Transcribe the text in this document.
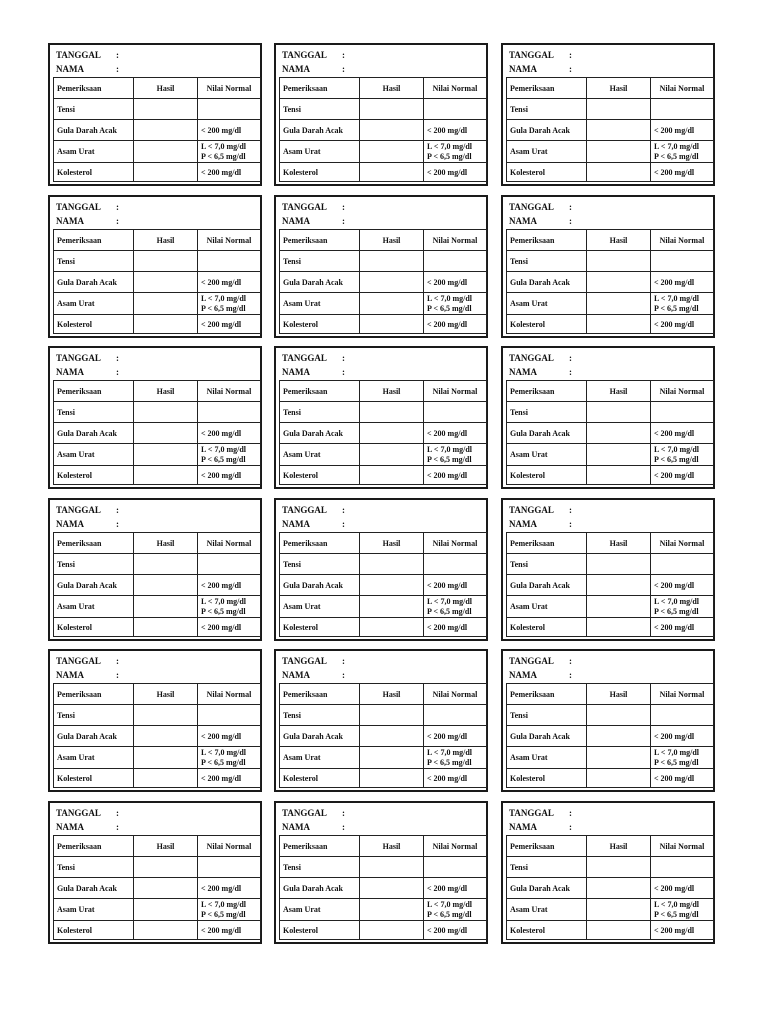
TANGGAL	:
NAMA	:
Pemeriksaan	Hasil	Nilai Normal
Tensi		
Gula Darah Acak		< 200 mg/dl
Asam Urat		L < 7,0 mg/dl
P < 6,5 mg/dl

Kolesterol		< 200 mg/dl
TANGGAL	:
NAMA	:
Pemeriksaan	Hasil	Nilai Normal
Tensi		
Gula Darah Acak		< 200 mg/dl
Asam Urat		L < 7,0 mg/dl
P < 6,5 mg/dl

Kolesterol		< 200 mg/dl
TANGGAL	:
NAMA	:
Pemeriksaan	Hasil	Nilai Normal
Tensi		
Gula Darah Acak		< 200 mg/dl
Asam Urat		L < 7,0 mg/dl
P < 6,5 mg/dl

Kolesterol		< 200 mg/dl
TANGGAL	:
NAMA	:
Pemeriksaan	Hasil	Nilai Normal
Tensi		
Gula Darah Acak		< 200 mg/dl
Asam Urat		L < 7,0 mg/dl
P < 6,5 mg/dl

Kolesterol		< 200 mg/dl
TANGGAL	:
NAMA	:
Pemeriksaan	Hasil	Nilai Normal
Tensi		
Gula Darah Acak		< 200 mg/dl
Asam Urat		L < 7,0 mg/dl
P < 6,5 mg/dl

Kolesterol		< 200 mg/dl
TANGGAL	:
NAMA	:
Pemeriksaan	Hasil	Nilai Normal
Tensi		
Gula Darah Acak		< 200 mg/dl
Asam Urat		L < 7,0 mg/dl
P < 6,5 mg/dl

Kolesterol		< 200 mg/dl
TANGGAL	:
NAMA	:
Pemeriksaan	Hasil	Nilai Normal
Tensi		
Gula Darah Acak		< 200 mg/dl
Asam Urat		L < 7,0 mg/dl
P < 6,5 mg/dl

Kolesterol		< 200 mg/dl
TANGGAL	:
NAMA	:
Pemeriksaan	Hasil	Nilai Normal
Tensi		
Gula Darah Acak		< 200 mg/dl
Asam Urat		L < 7,0 mg/dl
P < 6,5 mg/dl

Kolesterol		< 200 mg/dl
TANGGAL	:
NAMA	:
Pemeriksaan	Hasil	Nilai Normal
Tensi		
Gula Darah Acak		< 200 mg/dl
Asam Urat		L < 7,0 mg/dl
P < 6,5 mg/dl

Kolesterol		< 200 mg/dl
TANGGAL	:
NAMA	:
Pemeriksaan	Hasil	Nilai Normal
Tensi		
Gula Darah Acak		< 200 mg/dl
Asam Urat		L < 7,0 mg/dl
P < 6,5 mg/dl

Kolesterol		< 200 mg/dl
TANGGAL	:
NAMA	:
Pemeriksaan	Hasil	Nilai Normal
Tensi		
Gula Darah Acak		< 200 mg/dl
Asam Urat		L < 7,0 mg/dl
P < 6,5 mg/dl

Kolesterol		< 200 mg/dl
TANGGAL	:
NAMA	:
Pemeriksaan	Hasil	Nilai Normal
Tensi		
Gula Darah Acak		< 200 mg/dl
Asam Urat		L < 7,0 mg/dl
P < 6,5 mg/dl

Kolesterol		< 200 mg/dl
TANGGAL	:
NAMA	:
Pemeriksaan	Hasil	Nilai Normal
Tensi		
Gula Darah Acak		< 200 mg/dl
Asam Urat		L < 7,0 mg/dl
P < 6,5 mg/dl

Kolesterol		< 200 mg/dl
TANGGAL	:
NAMA	:
Pemeriksaan	Hasil	Nilai Normal
Tensi		
Gula Darah Acak		< 200 mg/dl
Asam Urat		L < 7,0 mg/dl
P < 6,5 mg/dl

Kolesterol		< 200 mg/dl
TANGGAL	:
NAMA	:
Pemeriksaan	Hasil	Nilai Normal
Tensi		
Gula Darah Acak		< 200 mg/dl
Asam Urat		L < 7,0 mg/dl
P < 6,5 mg/dl

Kolesterol		< 200 mg/dl
TANGGAL	:
NAMA	:
Pemeriksaan	Hasil	Nilai Normal
Tensi		
Gula Darah Acak		< 200 mg/dl
Asam Urat		L < 7,0 mg/dl
P < 6,5 mg/dl

Kolesterol		< 200 mg/dl
TANGGAL	:
NAMA	:
Pemeriksaan	Hasil	Nilai Normal
Tensi		
Gula Darah Acak		< 200 mg/dl
Asam Urat		L < 7,0 mg/dl
P < 6,5 mg/dl

Kolesterol		< 200 mg/dl
TANGGAL	:
NAMA	:
Pemeriksaan	Hasil	Nilai Normal
Tensi		
Gula Darah Acak		< 200 mg/dl
Asam Urat		L < 7,0 mg/dl
P < 6,5 mg/dl

Kolesterol		< 200 mg/dl
